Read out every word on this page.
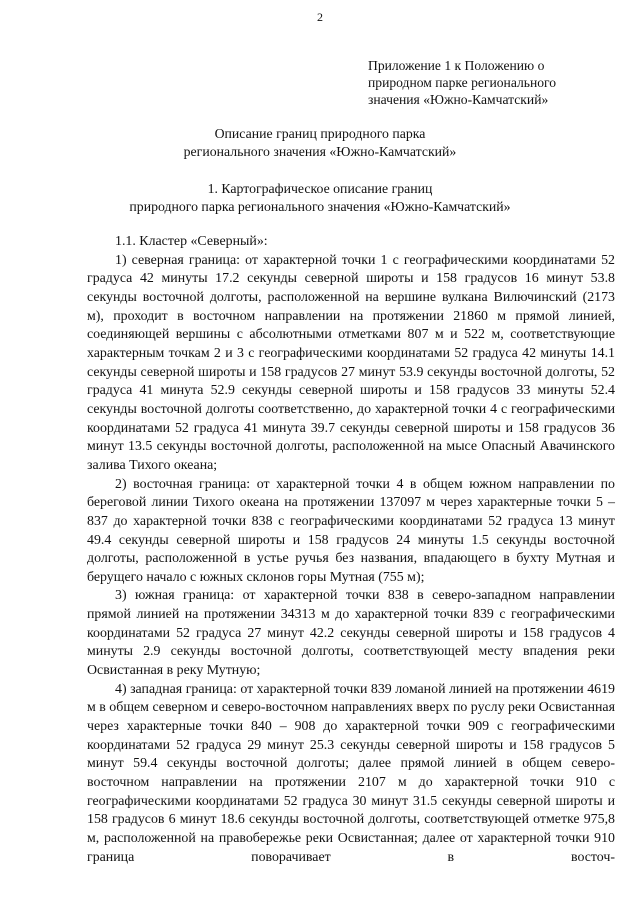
2
Приложение 1 к Положению о
природном парке регионального
значения «Южно-Камчатский»
Описание границ природного парка
регионального значения «Южно-Камчатский»
1. Картографическое описание границ
природного парка регионального значения «Южно-Камчатский»

1.1. Кластер «Северный»:

1) северная граница: от характерной точки 1 с географическими координатами 52 градуса 42 минуты 17.2 секунды северной широты и 158 градусов 16 минут 53.8 секунды восточной долготы, расположенной на вершине вулкана Вилючинский (2173 м), проходит в восточном направлении на протяжении 21860 м прямой линией, соединяющей вершины с абсолютными отметками 807 м и 522 м, соответствующие характерным точкам 2 и 3 с географическими координатами 52 градуса 42 минуты 14.1 секунды северной широты и 158 градусов 27 минут 53.9 секунды восточной долготы, 52 градуса 41 минута 52.9 секунды северной широты и 158 градусов 33 минуты 52.4 секунды восточной долготы соответственно, до характерной точки 4 с географическими координатами 52 градуса 41 минута 39.7 секунды северной широты и 158 градусов 36 минут 13.5 секунды восточной долготы, расположенной на мысе Опасный Авачинского залива Тихого океана;

2) восточная граница: от характерной точки 4 в общем южном направлении по береговой линии Тихого океана на протяжении 137097 м через характерные точки 5 – 837 до характерной точки 838 с географическими координатами 52 градуса 13 минут 49.4 секунды северной широты и 158 градусов 24 минуты 1.5 секунды восточной долготы, расположенной в устье ручья без названия, впадающего в бухту Мутная и берущего начало с южных склонов горы Мутная (755 м);

3) южная граница: от характерной точки 838 в северо-западном направлении прямой линией на протяжении 34313 м до характерной точки 839 с географическими координатами 52 градуса 27 минут 42.2 секунды северной широты и 158 градусов 4 минуты 2.9 секунды восточной долготы, соответствующей месту впадения реки Освистанная в реку Мутную;

4) западная граница: от характерной точки 839 ломаной линией на протяжении 4619 м в общем северном и северо-восточном направлениях вверх по руслу реки Освистанная через характерные точки 840 – 908 до характерной точки 909 с географическими координатами 52 градуса 29 минут 25.3 секунды северной широты и 158 градусов 5 минут 59.4 секунды восточной долготы; далее прямой линией в общем северо-восточном направлении на протяжении 2107 м до характерной точки 910 с географическими координатами 52 градуса 30 минут 31.5 секунды северной широты и 158 градусов 6 минут 18.6 секунды восточной долготы, соответствующей отметке 975,8 м, расположенной на правобережье реки Освистанная; далее от характерной точки 910 граница поворачивает в восточ-
